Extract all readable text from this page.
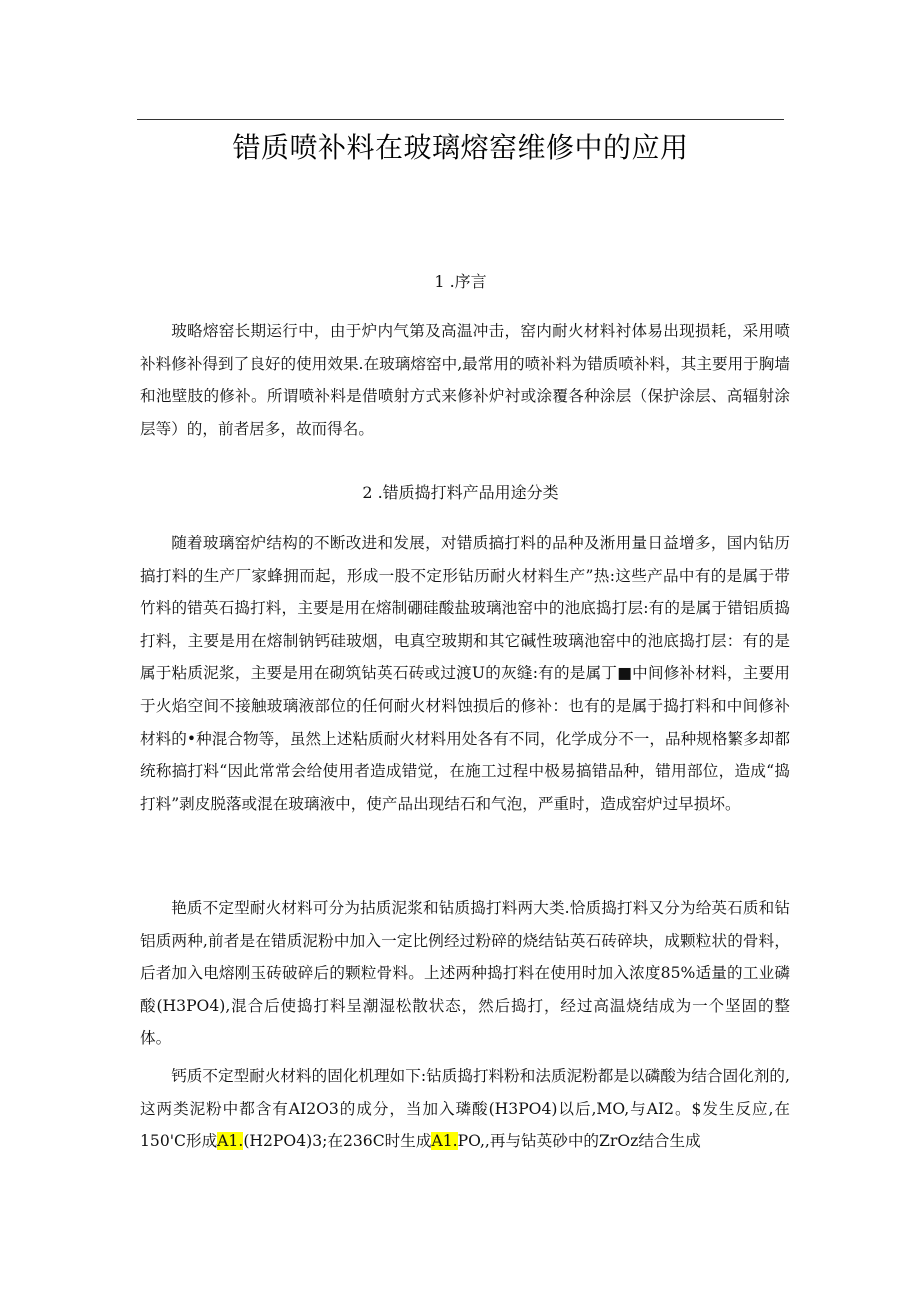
错质喷补料在玻璃熔窑维修中的应用
1 .序言

玻略熔窑长期运行中，由于炉内气第及高温冲击，窑内耐火材料衬体易出现损耗，采用喷补料修补得到了良好的使用效果.在玻璃熔窑中,最常用的喷补料为错质喷补料，其主要用于胸墙和池壁肢的修补。所谓喷补料是借喷射方式来修补炉衬或涂覆各种涂层（保护涂层、高辐射涂层等）的，前者居多，故而得名。

2 .错质捣打料产品用途分类

随着玻璃窑炉结构的不断改进和发展，对错质搞打料的品种及淅用量日益增多，国内钻历搞打料的生产厂家蜂拥而起，形成一股不定形钻历耐火材料生产”热:这些产品中有的是属于带竹料的错英石捣打料，主要是用在熔制硼硅酸盐玻璃池窑中的池底捣打层:有的是属于错铝质捣打料，主要是用在熔制钠钙硅玻烟，电真空玻期和其它碱性玻璃池窑中的池底捣打层：有的是属于粘质泥浆，主要是用在砌筑钻英石砖或过渡U的灰缝:有的是属丁■中间修补材料，主要用于火焰空间不接触玻璃液部位的任何耐火材料蚀损后的修补：也有的是属于捣打料和中间修补材料的•种混合物等，虽然上述粘质耐火材料用处各有不同，化学成分不一，品种规格繁多却都统称搞打料“因此常常会给使用者造成错觉，在施工过程中极易搞错品种，错用部位，造成“捣打料”剥皮脱落或混在玻璃液中，使产品出现结石和气泡，严重时，造成窑炉过早损坏。

艳质不定型耐火材料可分为拈质泥浆和钻质捣打料两大类.恰质捣打料又分为给英石质和钻铝质两种,前者是在错质泥粉中加入一定比例经过粉碎的烧结钻英石砖碎块，成颗粒状的骨料，后者加入电熔刚玉砖破碎后的颗粒骨料。上述两种捣打料在使用时加入浓度85%适量的工业磷酸(H3PO4),混合后使捣打料呈潮湿松散状态，然后捣打，经过高温烧结成为一个坚固的整体。

钙质不定型耐火材料的固化机理如下:钻质捣打料粉和法质泥粉都是以磷酸为结合固化剂的,这两类泥粉中都含有AI2O3的成分，当加入璘酸(H3PO4)以后,MO,与AI2。$发生反应,在150'C形成A1.(H2PO4)3;在236C时生成A1.PO,,再与钻英砂中的ZrOz结合生成
